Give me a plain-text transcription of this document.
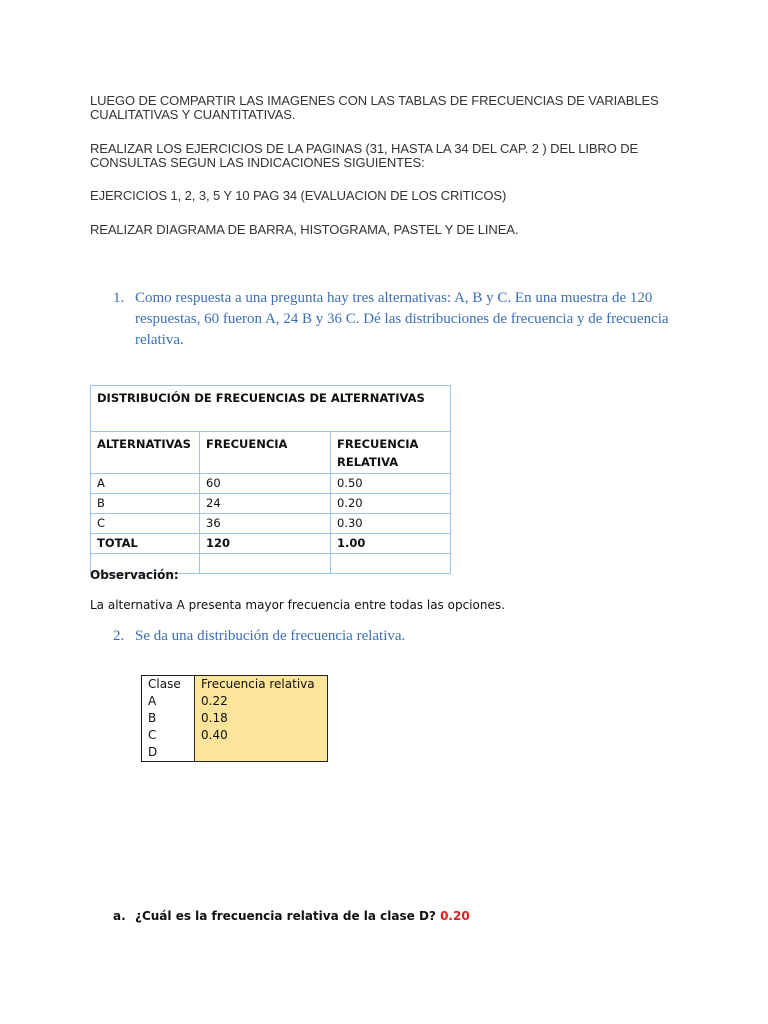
LUEGO DE COMPARTIR LAS IMAGENES CON LAS TABLAS DE FRECUENCIAS DE VARIABLES
CUALITATIVAS Y CUANTITATIVAS.
REALIZAR LOS EJERCICIOS DE LA PAGINAS (31, HASTA LA 34 DEL CAP. 2 ) DEL LIBRO DE
CONSULTAS SEGUN LAS INDICACIONES SIGUIENTES:
EJERCICIOS 1, 2, 3, 5 Y 10 PAG 34 (EVALUACION DE LOS CRITICOS)
REALIZAR DIAGRAMA DE BARRA, HISTOGRAMA, PASTEL Y DE LINEA.
1. Como respuesta a una pregunta hay tres alternativas: A, B y C. En una muestra de 120 respuestas, 60 fueron A, 24 B y 36 C. Dé las distribuciones de frecuencia y de frecuencia relativa.
DISTRIBUCIÓN DE FRECUENCIAS DE ALTERNATIVAS		
ALTERNATIVAS	FRECUENCIA	FRECUENCIA RELATIVA
A	60	0.50
B	24	0.20
C	36	0.30
TOTAL	120	1.00

Observación:
La alternativa A presenta mayor frecuencia entre todas las opciones.
2. Se da una distribución de frecuencia relativa.
Clase	Frecuencia relativa
A	0.22
B	0.18
C	0.40
D	
a. ¿Cuál es la frecuencia relativa de la clase D? 0.20
